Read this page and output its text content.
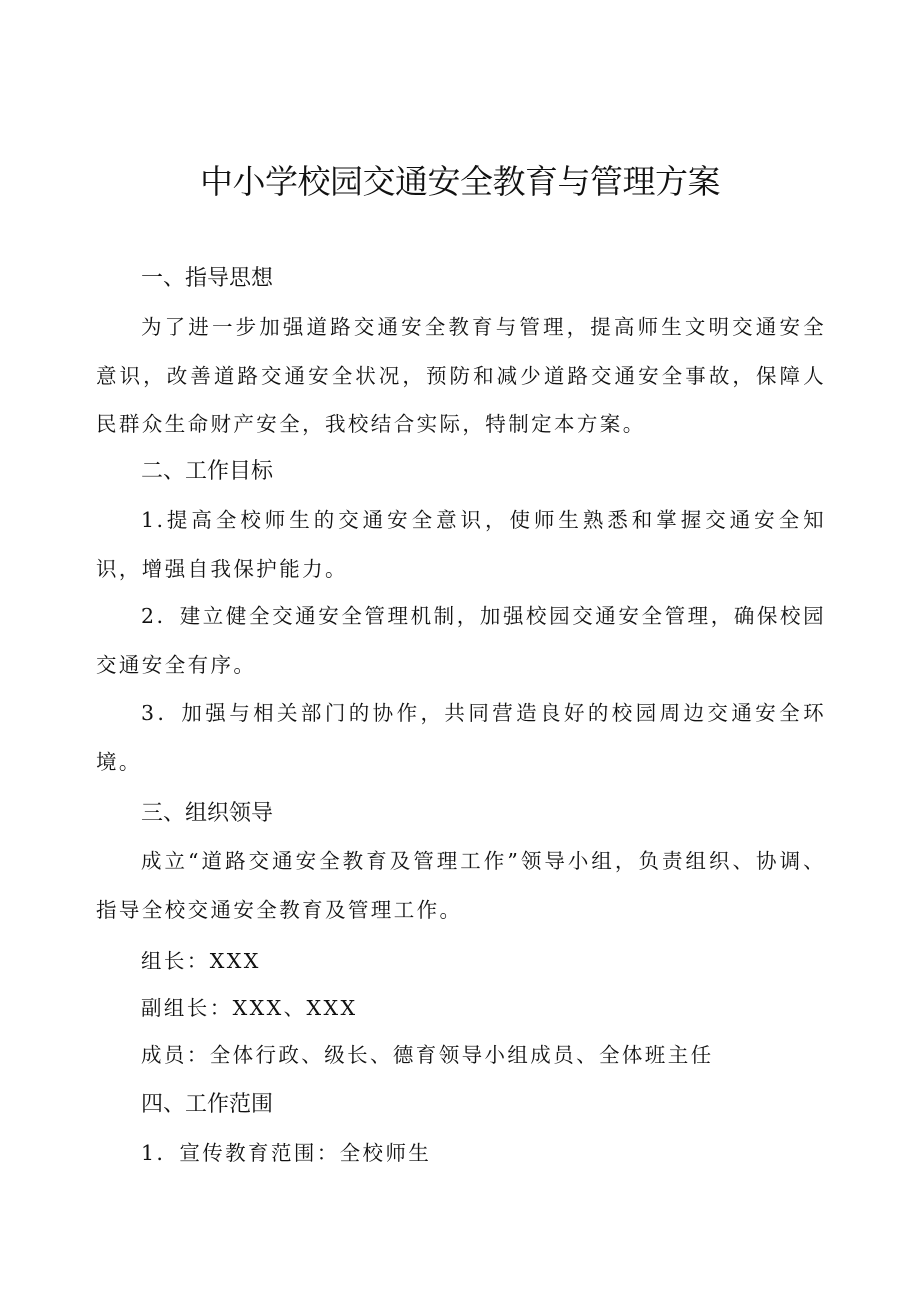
中小学校园交通安全教育与管理方案
一、指导思想

为了进一步加强道路交通安全教育与管理，提高师生文明交通安全意识，改善道路交通安全状况，预防和减少道路交通安全事故，保障人民群众生命财产安全，我校结合实际，特制定本方案。

二、工作目标

1.提高全校师生的交通安全意识，使师生熟悉和掌握交通安全知识，增强自我保护能力。

2．建立健全交通安全管理机制，加强校园交通安全管理，确保校园交通安全有序。

3．加强与相关部门的协作，共同营造良好的校园周边交通安全环境。

三、组织领导

成立“道路交通安全教育及管理工作”领导小组，负责组织、协调、指导全校交通安全教育及管理工作。

组长：XXX

副组长：XXX、XXX

成员：全体行政、级长、德育领导小组成员、全体班主任

四、工作范围

1．宣传教育范围：全校师生
